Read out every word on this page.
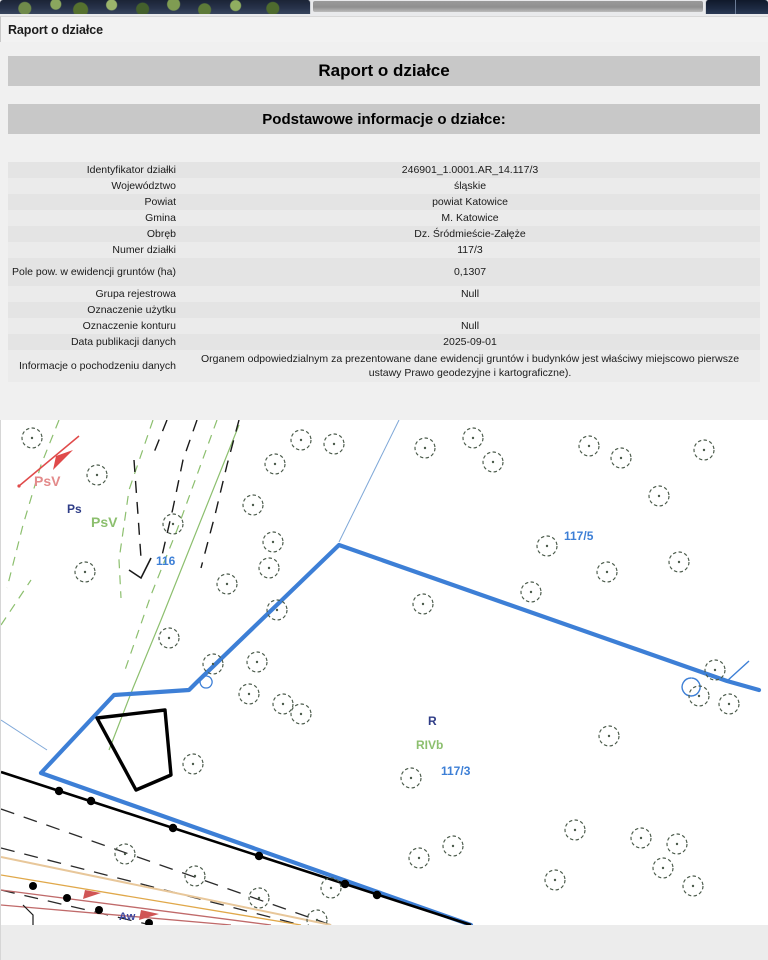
Raport o działce
Raport o działce
Podstawowe informacje o działce:
Identyfikator działki	246901_1.0001.AR_14.117/3
Województwo	śląskie
Powiat	powiat Katowice
Gmina	M. Katowice
Obręb	Dz. Śródmieście-Załęże
Numer działki	117/3
Pole pow. w ewidencji gruntów (ha)	0,1307
Grupa rejestrowa	Null
Oznaczenie użytku	
Oznaczenie konturu	Null
Data publikacji danych	2025-09-01
Informacje o pochodzeniu danych	Organem odpowiedzialnym za prezentowane dane ewidencji gruntów i budynków jest właściwy miejscowo pierwsze ustawy Prawo geodezyjne i kartograficzne).
PsV
Ps
PsV
116
117/5
R
RIVb
117/3
Aw
